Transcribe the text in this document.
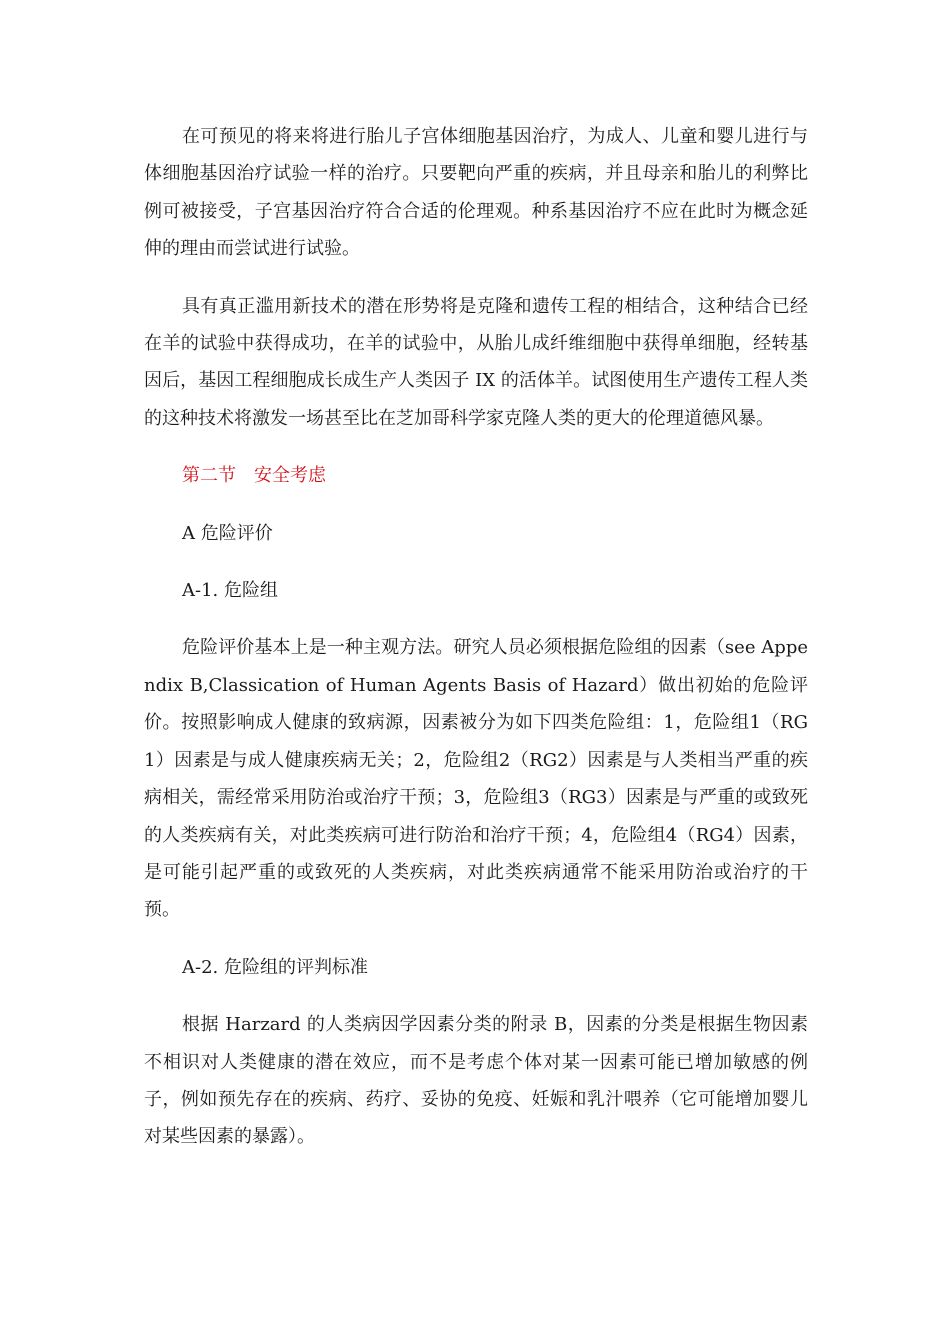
在可预见的将来将进行胎儿子宫体细胞基因治疗，为成人、儿童和婴儿进行与体细胞基因治疗试验一样的治疗。只要靶向严重的疾病，并且母亲和胎儿的利弊比例可被接受，子宫基因治疗符合合适的伦理观。种系基因治疗不应在此时为概念延伸的理由而尝试进行试验。

具有真正滥用新技术的潜在形势将是克隆和遗传工程的相结合，这种结合已经在羊的试验中获得成功，在羊的试验中，从胎儿成纤维细胞中获得单细胞，经转基因后，基因工程细胞成长成生产人类因子 IX 的活体羊。试图使用生产遗传工程人类的这种技术将激发一场甚至比在芝加哥科学家克隆人类的更大的伦理道德风暴。

第二节　安全考虑

A 危险评价

A-1. 危险组

危险评价基本上是一种主观方法。研究人员必须根据危险组的因素（see Appendix B,Classication of Human Agents Basis of Hazard）做出初始的危险评价。按照影响成人健康的致病源，因素被分为如下四类危险组：1，危险组1（RG1）因素是与成人健康疾病无关；2，危险组2（RG2）因素是与人类相当严重的疾病相关，需经常采用防治或治疗干预；3，危险组3（RG3）因素是与严重的或致死的人类疾病有关，对此类疾病可进行防治和治疗干预；4，危险组4（RG4）因素，是可能引起严重的或致死的人类疾病，对此类疾病通常不能采用防治或治疗的干预。

A-2. 危险组的评判标准

根据 Harzard 的人类病因学因素分类的附录 B，因素的分类是根据生物因素不相识对人类健康的潜在效应，而不是考虑个体对某一因素可能已增加敏感的例子，例如预先存在的疾病、药疗、妥协的免疫、妊娠和乳汁喂养（它可能增加婴儿对某些因素的暴露）。
